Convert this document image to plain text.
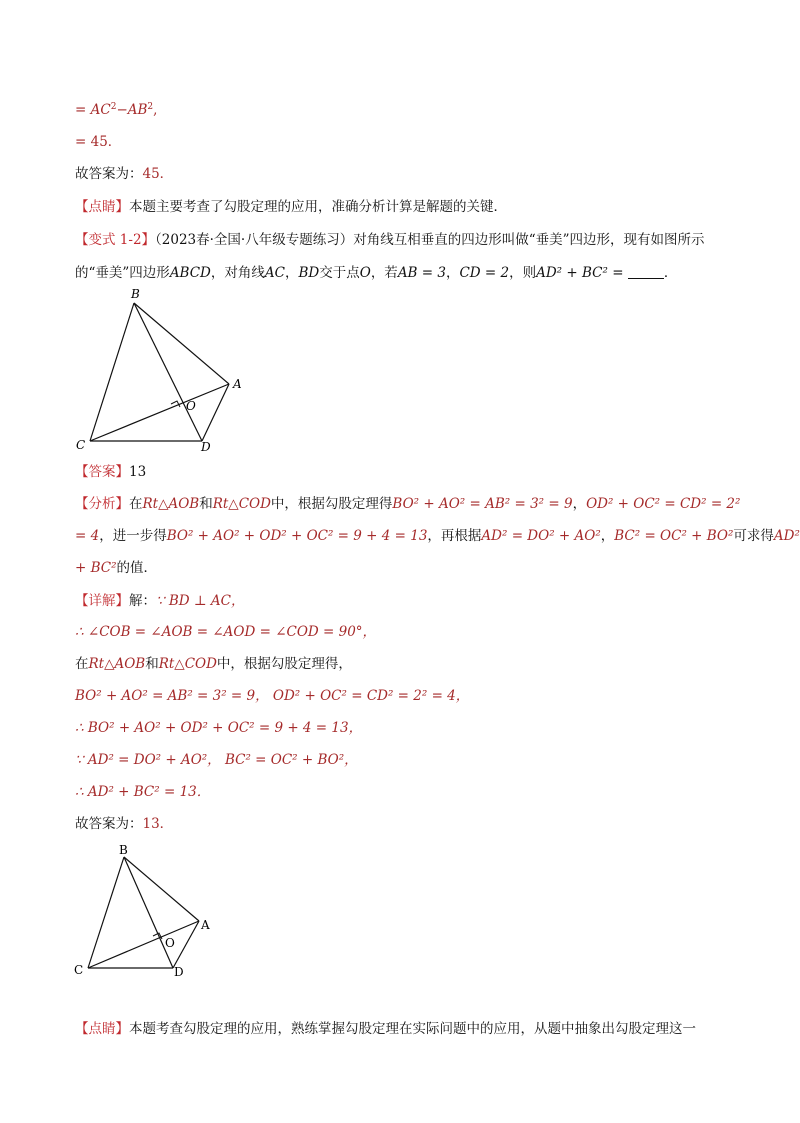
= $AC^2-AB^2$,
= 45．
故答案为：45．
【点睛】本题主要考查了勾股定理的应用，准确分析计算是解题的关键．
【变式 1-2】（2023春·全国·八年级专题练习）对角线互相垂直的四边形叫做“垂美”四边形，现有如图所示
的“垂美”四边形ABCD，对角线AC，BD交于点O，若AB = 3，CD = 2，则AD² + BC² =	．
B
A
O
C	D
【答案】13
【分析】在Rt△AOB和Rt△COD中，根据勾股定理得BO² + AO² = AB² = 3² = 9，OD² + OC² = CD² = 2²
= 4，进一步得BO² + AO² + OD² + OC² = 9 + 4 = 13，再根据AD² = DO² + AO²，BC² = OC² + BO²可求得AD²
+ BC²的值．
【详解】解：∵ BD ⊥ AC，
∴ ∠COB = ∠AOB = ∠AOD = ∠COD = 90°，
在Rt△AOB和Rt△COD中，根据勾股定理得，
BO² + AO² = AB² = 3² = 9， OD² + OC² = CD² = 2² = 4，
∴ BO² + AO² + OD² + OC² = 9 + 4 = 13，
∵ AD² = DO² + AO²， BC² = OC² + BO²，
∴ AD² + BC² = 13．
故答案为：13．
B
A
O
C	D
【点睛】本题考查勾股定理的应用，熟练掌握勾股定理在实际问题中的应用，从题中抽象出勾股定理这一
